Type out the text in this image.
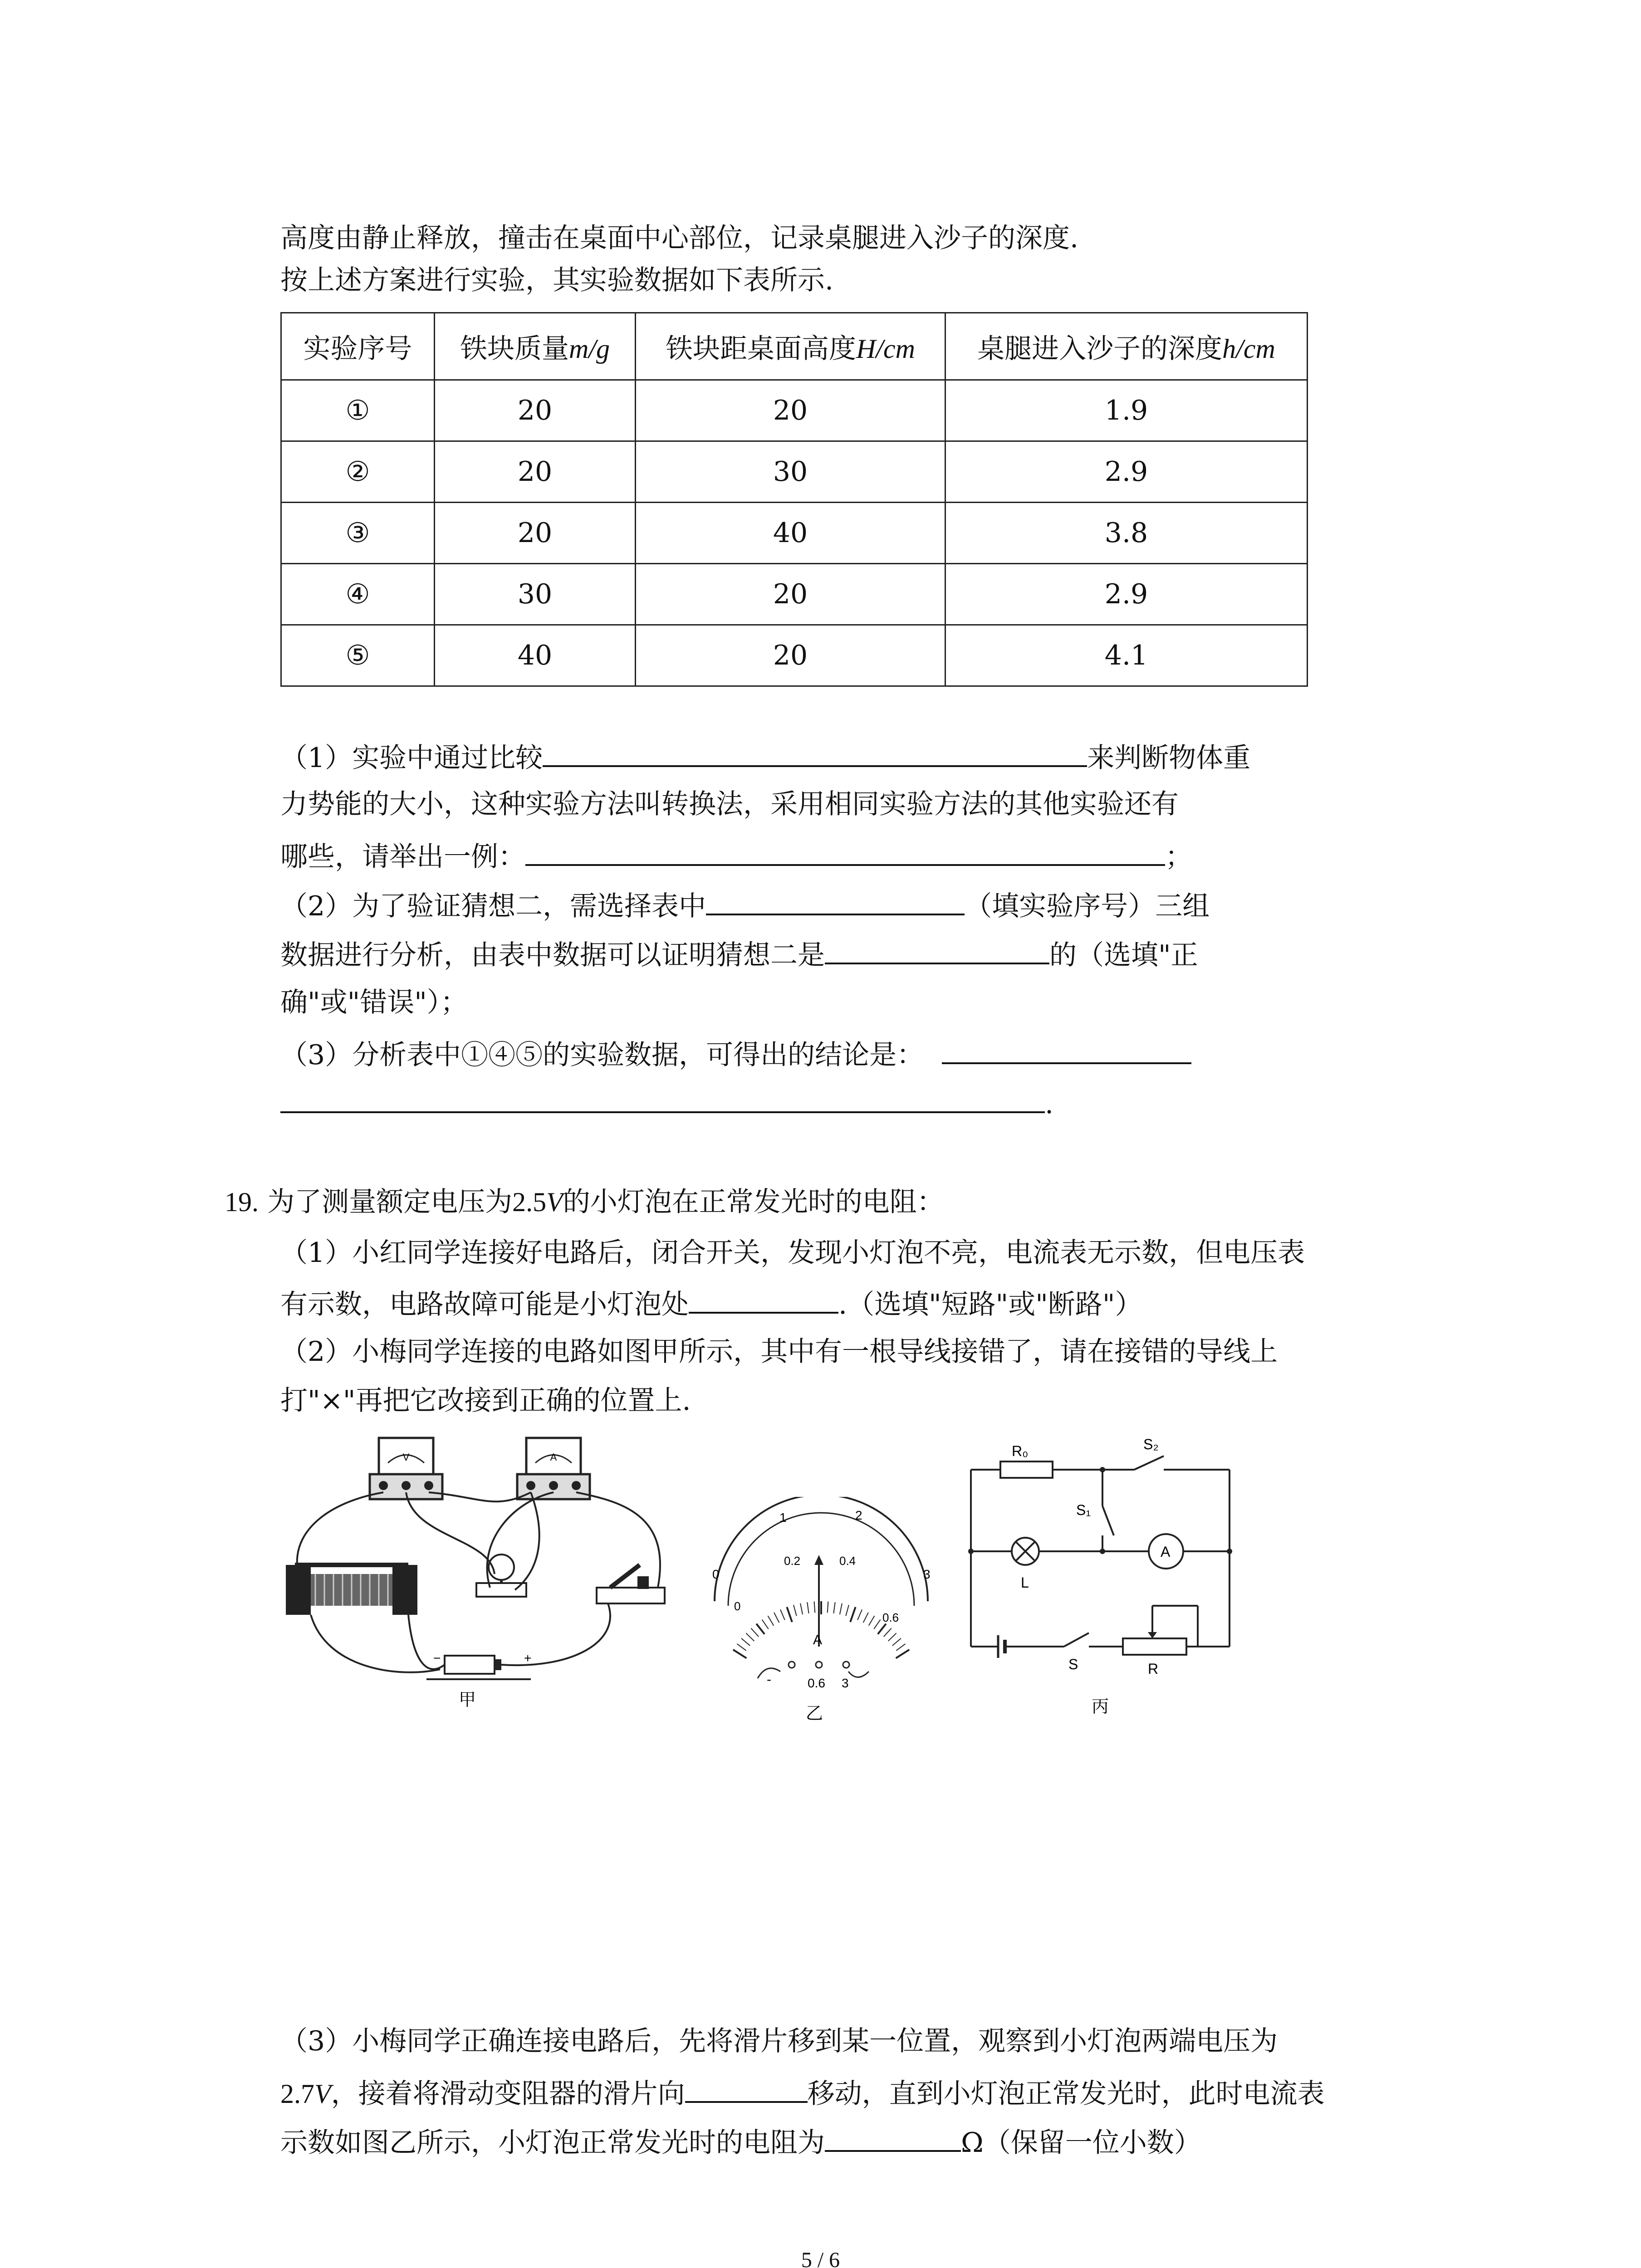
高度由静止释放，撞击在桌面中心部位，记录桌腿进入沙子的深度.
按上述方案进行实验，其实验数据如下表所示.
实验序号	铁块质量m/g	铁块距桌面高度H/cm	桌腿进入沙子的深度h/cm
①	20	20	1.9
②	20	30	2.9
③	20	40	3.8
④	30	20	2.9
⑤	40	20	4.1
（1）实验中通过比较	来判断物体重
力势能的大小，这种实验方法叫转换法，采用相同实验方法的其他实验还有
哪些，请举出一例：	；
（2）为了验证猜想二，需选择表中	（填实验序号）三组
数据进行分析，由表中数据可以证明猜想二是	的（选填"正
确"或"错误"）；
（3）分析表中①④⑤的实验数据，可得出的结论是：
.
19. 为了测量额定电压为2.5V的小灯泡在正常发光时的电阻：
（1）小红同学连接好电路后，闭合开关，发现小灯泡不亮，电流表无示数，但电压表
有示数，电路故障可能是小灯泡处	.（选填"短路"或"断路"）
（2）小梅同学连接的电路如图甲所示，其中有一根导线接错了，请在接错的导线上
打"×"再把它改接到正确的位置上.
V	A
−	+
甲
0
1	2
3
0
0.2	0.4
0.6
A
-	0.6 3
乙
R₀	S₂
S₁
L
A
S	R
丙
（3）小梅同学正确连接电路后，先将滑片移到某一位置，观察到小灯泡两端电压为
2.7V，接着将滑动变阻器的滑片向	移动，直到小灯泡正常发光时，此时电流表
示数如图乙所示，小灯泡正常发光时的电阻为	Ω（保留一位小数）
5 / 6
